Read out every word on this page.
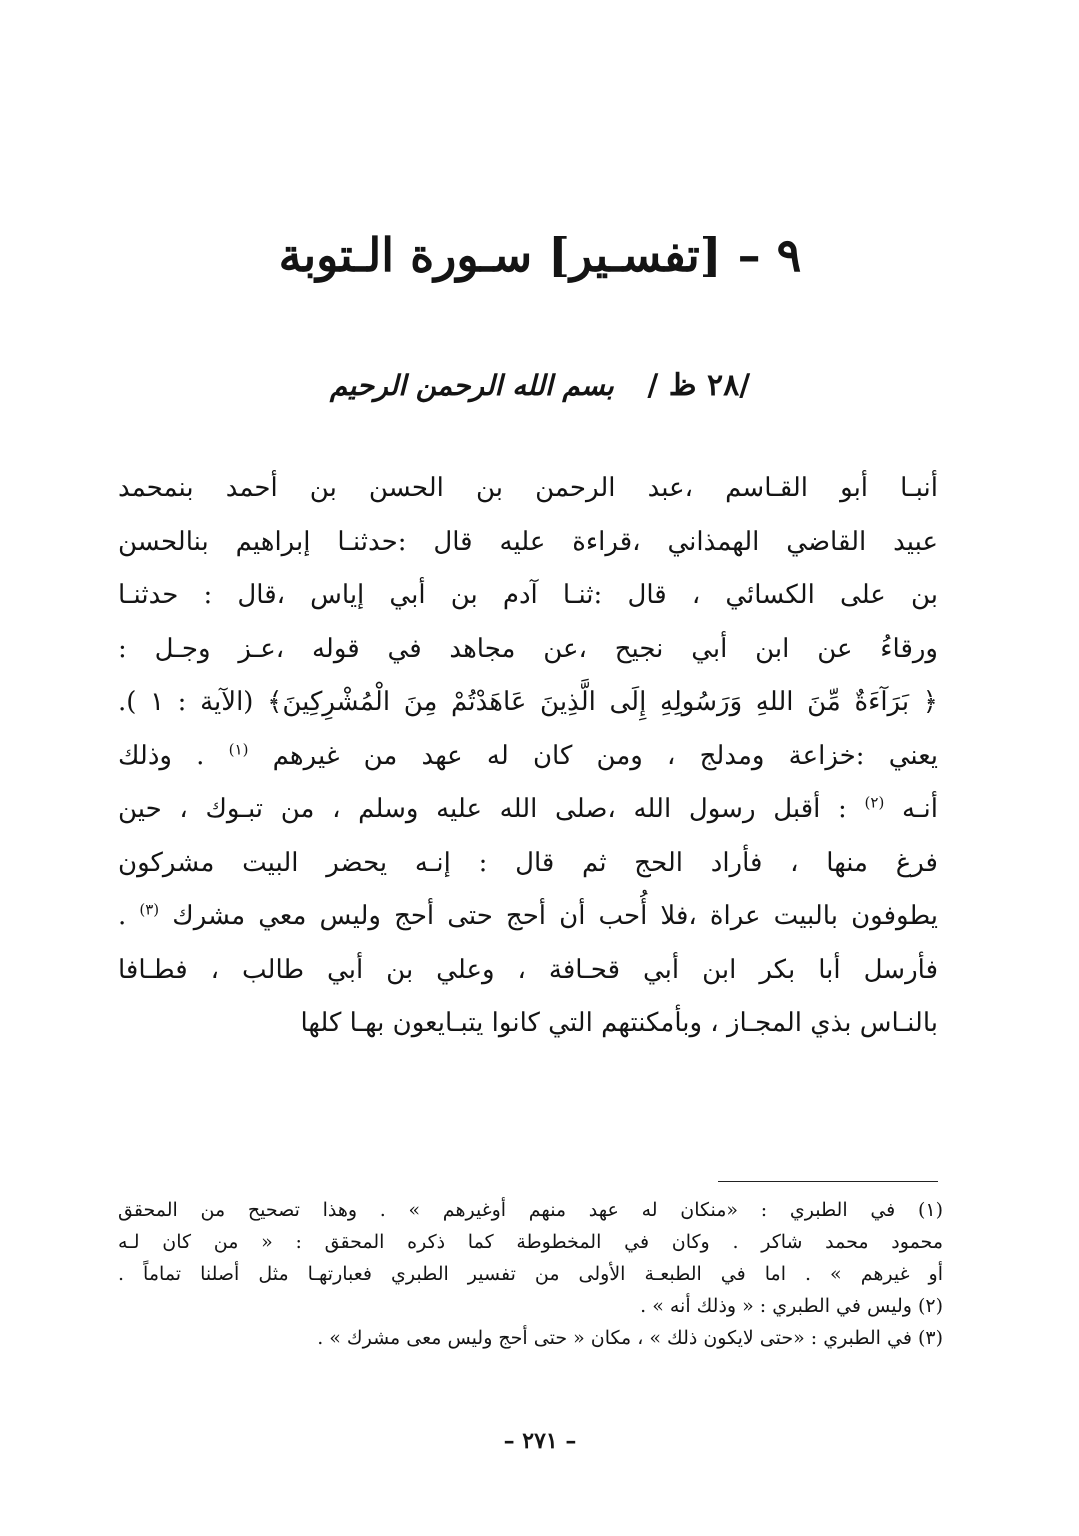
٩ – [تفسـير] سـورة الـتوبة
/٢٨ ظ / بسم الله الرحمن الرحيم
أنبـا أبو القـاسم ،عبد الرحمن بن الحسن بن أحمد بنمحمد
عبيد القاضي الهمذاني ،قراءة عليه قال :حدثنـا إبراهيم بنالحسن
بن على الكسائي ، قال :ثنـا آدم بن أبي إياس ،قال : حدثنـا
ورقاءُ عن ابن أبي نجيح ،عن مجاهد في قوله ،عـز وجـل :
﴿ بَرَآءَةٌ مِّنَ اللهِ وَرَسُولِهِ إِلَى الَّذِينَ عَاهَدْتُمْ مِنَ الْمُشْرِكِينَ﴾ (الآية : ١ ).
يعني :خزاعة ومدلج ، ومن كان له عهد من غيرهم $^{(١)}$ . وذلك
أنـه $^{(٢)}$ : أقبل رسول الله ،صلى الله عليه وسلم ، من تبـوك ، حين
فرغ منها ، فأراد الحج ثم قال : إنـه يحضر البيت مشركون
يطوفون بالبيت عراة ،فلا أُحب أن أحج حتى أحج وليس معي مشرك $^{(٣)}$ .
فأرسل أبا بكر ابن أبي قحـافة ، وعلي بن أبي طالب ، فطـافا
بالنـاس بذي المجـاز ، وبأمكنتهم التي كانوا يتبـايعون بهـا كلها
(١) في الطبري : «منكان له عهد منهم أوغيرهم » . وهذا تصحيح من المحقق
محمود محمد شاكر . وكان في المخطوطة كما ذكره المحقق : « من كان لـه
أو غيرهم » . اما في الطبعـة الأولى من تفسير الطبري فعبارتهـا مثل أصلنا تماماً .
(٢) وليس في الطبري : « وذلك أنه » .
(٣) في الطبري : «حتى لايكون ذلك » ، مكان « حتى أحج وليس معى مشرك » .
– ٢٧١ –
